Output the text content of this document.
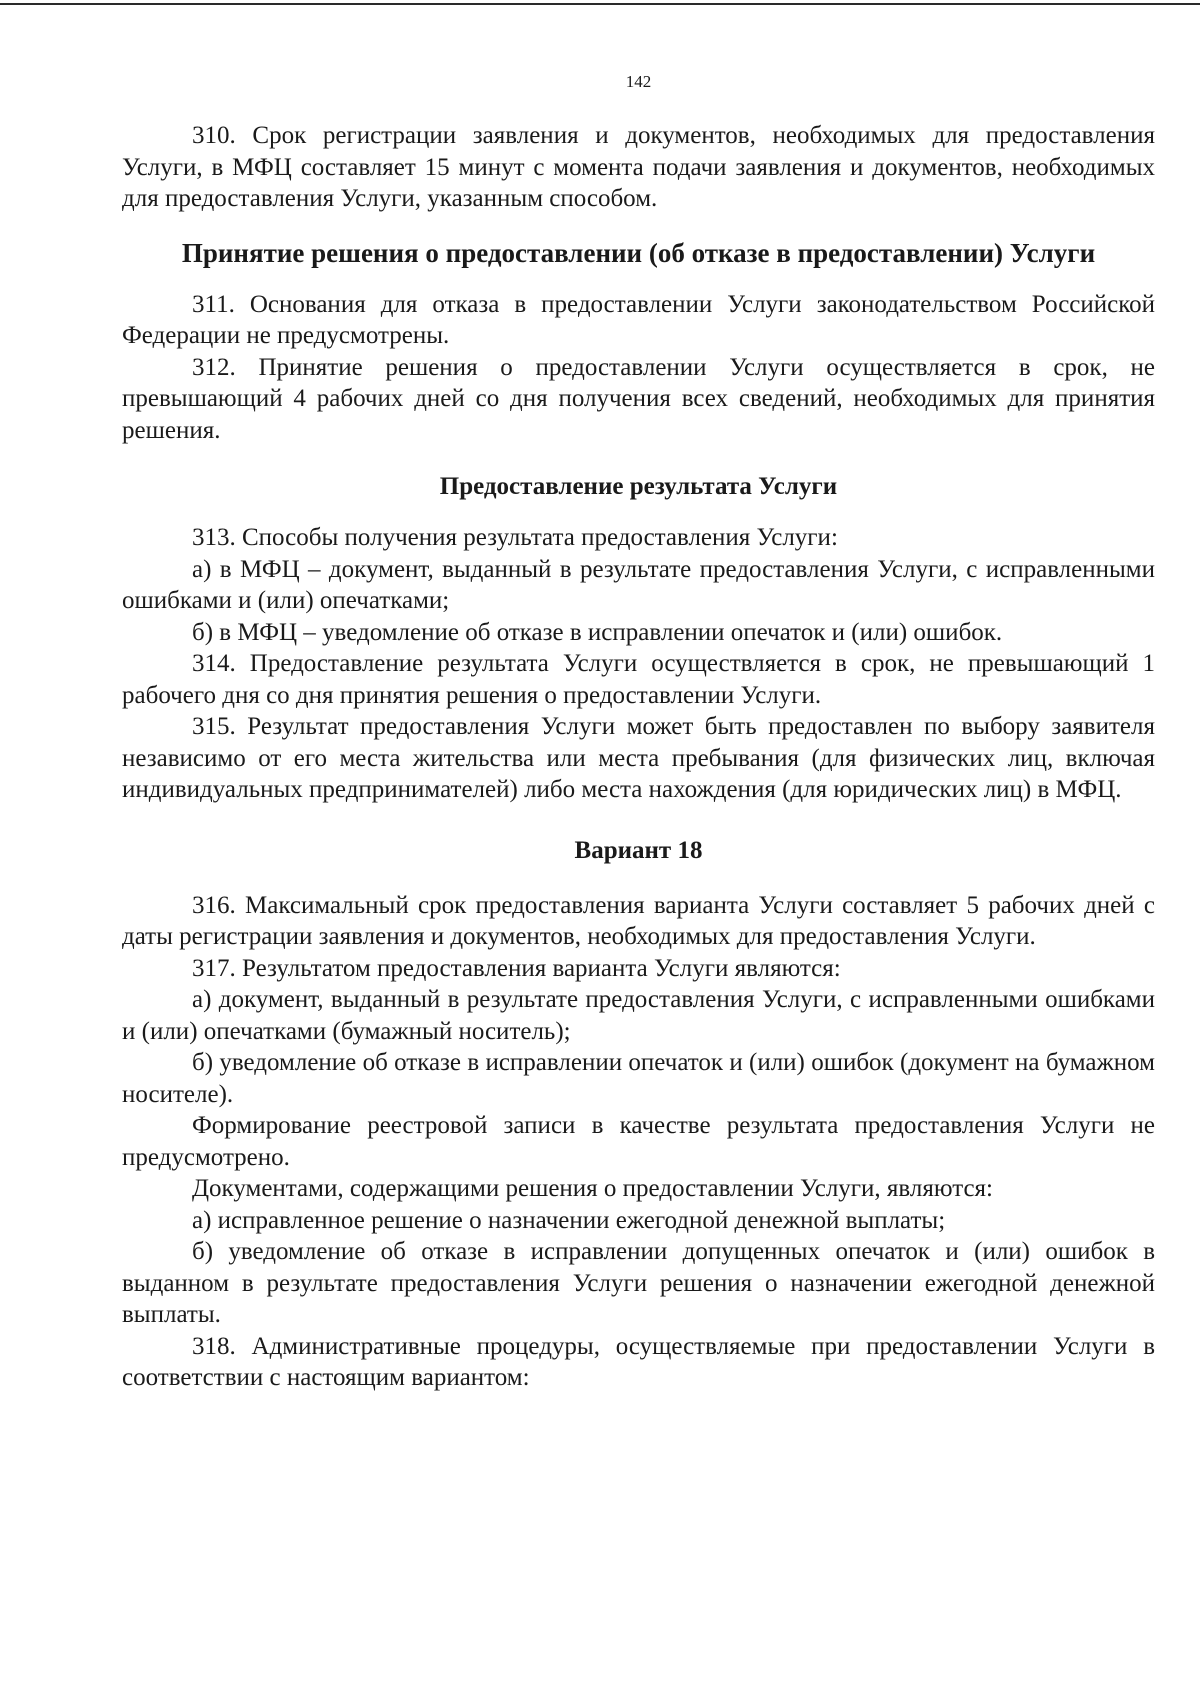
142

310. Срок регистрации заявления и документов, необходимых для предоставления Услуги, в МФЦ составляет 15 минут с момента подачи заявления и документов, необходимых для предоставления Услуги, указанным способом.

Принятие решения о предоставлении (об отказе в предоставлении) Услуги

311. Основания для отказа в предоставлении Услуги законодательством Российской Федерации не предусмотрены.

312. Принятие решения о предоставлении Услуги осуществляется в срок, не превышающий 4 рабочих дней со дня получения всех сведений, необходимых для принятия решения.

Предоставление результата Услуги

313. Способы получения результата предоставления Услуги:

а) в МФЦ – документ, выданный в результате предоставления Услуги, с исправленными ошибками и (или) опечатками;

б) в МФЦ – уведомление об отказе в исправлении опечаток и (или) ошибок.

314. Предоставление результата Услуги осуществляется в срок, не превышающий 1 рабочего дня со дня принятия решения о предоставлении Услуги.

315. Результат предоставления Услуги может быть предоставлен по выбору заявителя независимо от его места жительства или места пребывания (для физических лиц, включая индивидуальных предпринимателей) либо места нахождения (для юридических лиц) в МФЦ.

Вариант 18

316. Максимальный срок предоставления варианта Услуги составляет 5 рабочих дней с даты регистрации заявления и документов, необходимых для предоставления Услуги.

317. Результатом предоставления варианта Услуги являются:

а) документ, выданный в результате предоставления Услуги, с исправленными ошибками и (или) опечатками (бумажный носитель);

б) уведомление об отказе в исправлении опечаток и (или) ошибок (документ на бумажном носителе).

Формирование реестровой записи в качестве результата предоставления Услуги не предусмотрено.

Документами, содержащими решения о предоставлении Услуги, являются:

а) исправленное решение о назначении ежегодной денежной выплаты;

б) уведомление об отказе в исправлении допущенных опечаток и (или) ошибок в выданном в результате предоставления Услуги решения о назначении ежегодной денежной выплаты.

318. Административные процедуры, осуществляемые при предоставлении Услуги в соответствии с настоящим вариантом:
